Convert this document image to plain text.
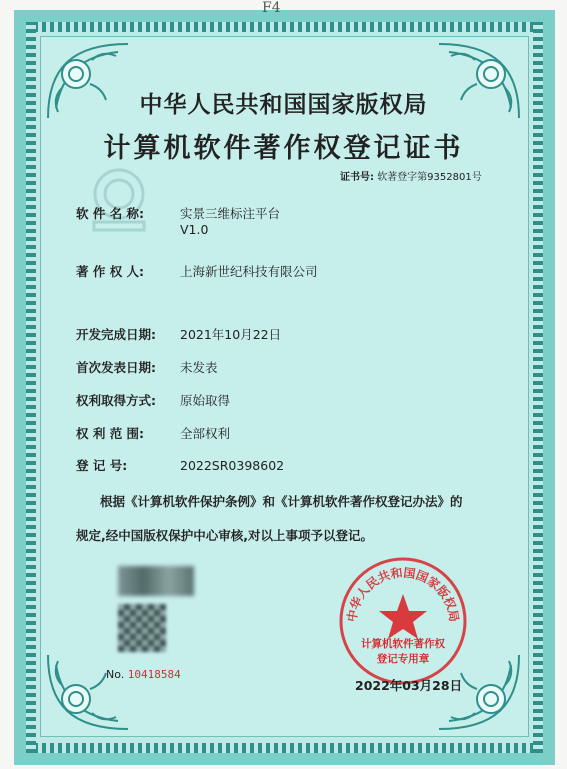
F4
中华人民共和国国家版权局
计算机软件著作权登记证书
证书号: 软著登字第9352801号
软 件 名 称:	实景三维标注平台
V1.0
著 作 权 人:	上海新世纪科技有限公司
开发完成日期: 2021年10月22日
首次发表日期: 未发表
权利取得方式: 原始取得
权 利 范 围:	全部权利
登 记 号:	2022SR0398602
根据《计算机软件保护条例》和《计算机软件著作权登记办法》的
规定,经中国版权保护中心审核,对以上事项予以登记。
No. 10418584
中华人民共和国国家版权局
计算机软件著作权
登记专用章
2022年03月28日
